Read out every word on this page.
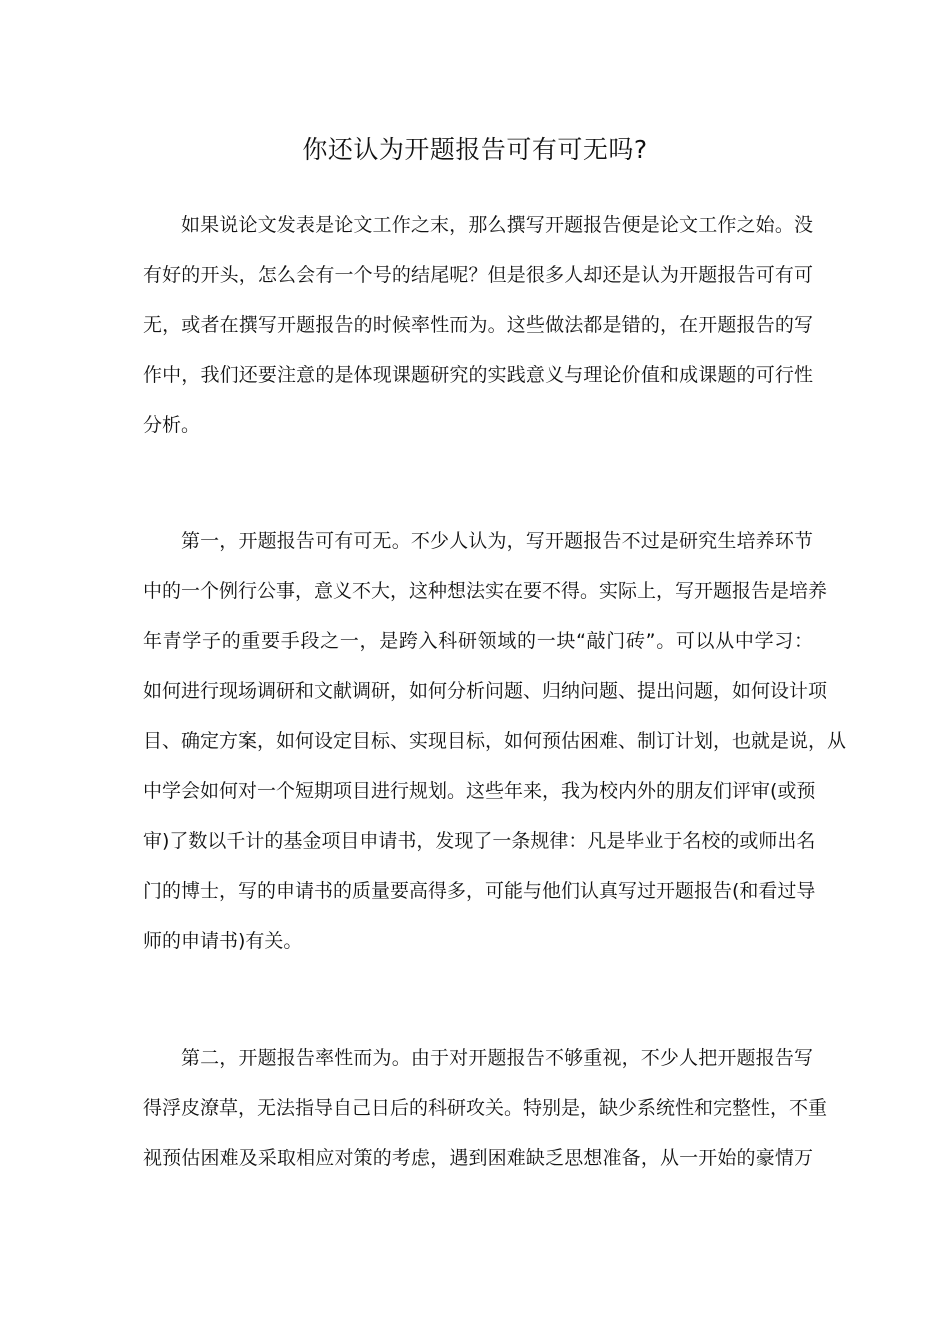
你还认为开题报告可有可无吗?
如果说论文发表是论文工作之末，那么撰写开题报告便是论文工作之始。没
有好的开头，怎么会有一个号的结尾呢？但是很多人却还是认为开题报告可有可
无，或者在撰写开题报告的时候率性而为。这些做法都是错的，在开题报告的写
作中，我们还要注意的是体现课题研究的实践意义与理论价值和成课题的可行性
分析。
第一，开题报告可有可无。不少人认为，写开题报告不过是研究生培养环节
中的一个例行公事，意义不大，这种想法实在要不得。实际上，写开题报告是培养
年青学子的重要手段之一，是跨入科研领域的一块“敲门砖”。可以从中学习：
如何进行现场调研和文献调研，如何分析问题、归纳问题、提出问题，如何设计项
目、确定方案，如何设定目标、实现目标，如何预估困难、制订计划，也就是说，从
中学会如何对一个短期项目进行规划。这些年来，我为校内外的朋友们评审(或预
审)了数以千计的基金项目申请书，发现了一条规律：凡是毕业于名校的或师出名
门的博士，写的申请书的质量要高得多，可能与他们认真写过开题报告(和看过导
师的申请书)有关。
第二，开题报告率性而为。由于对开题报告不够重视，不少人把开题报告写
得浮皮潦草，无法指导自己日后的科研攻关。特别是，缺少系统性和完整性，不重
视预估困难及采取相应对策的考虑，遇到困难缺乏思想准备，从一开始的豪情万
